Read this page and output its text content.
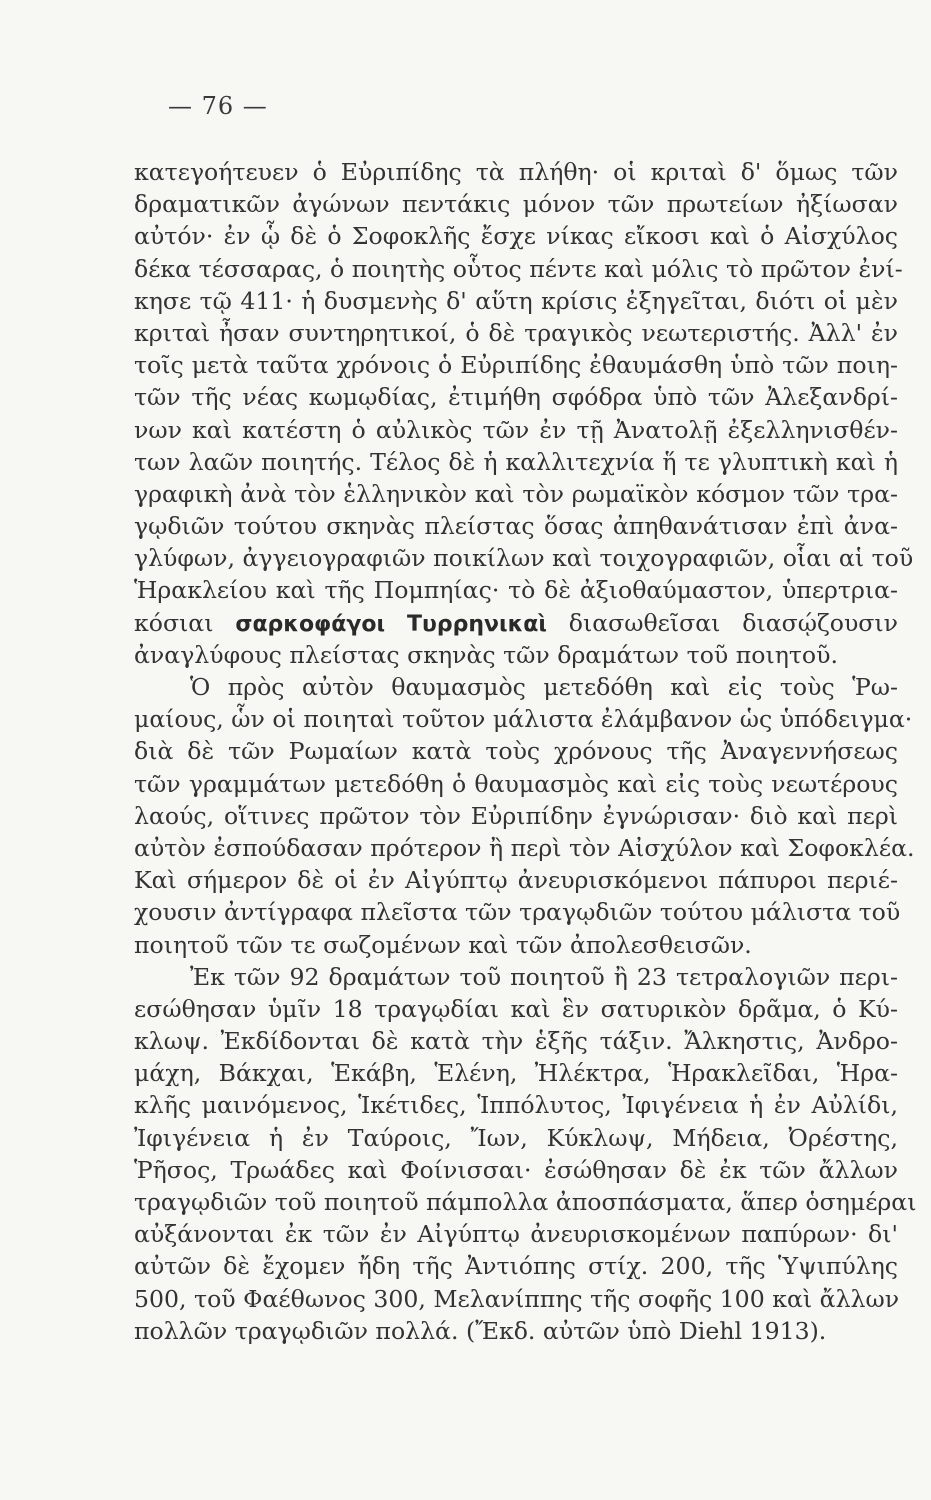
— 76 —
κατεγοήτευεν ὁ Εὐριπίδης τὰ πλήθη· οἱ κριταὶ δ' ὅμως τῶν
δραματικῶν ἀγώνων πεντάκις μόνον τῶν πρωτείων ἠξίωσαν
αὐτόν· ἐν ᾧ δὲ ὁ Σοφοκλῆς ἔσχε νίκας εἴκοσι καὶ ὁ Αἰσχύλος
δέκα τέσσαρας, ὁ ποιητὴς οὗτος πέντε καὶ μόλις τὸ πρῶτον ἐνί-
κησε τῷ 411· ἡ δυσμενὴς δ' αὕτη κρίσις ἐξηγεῖται, διότι οἱ μὲν
κριταὶ ἦσαν συντηρητικοί, ὁ δὲ τραγικὸς νεωτεριστής. Ἀλλ' ἐν
τοῖς μετὰ ταῦτα χρόνοις ὁ Εὐριπίδης ἐθαυμάσθη ὑπὸ τῶν ποιη-
τῶν τῆς νέας κωμῳδίας, ἐτιμήθη σφόδρα ὑπὸ τῶν Ἀλεξανδρί-
νων καὶ κατέστη ὁ αὐλικὸς τῶν ἐν τῇ Ἀνατολῇ ἐξελληνισθέν-
των λαῶν ποιητής. Τέλος δὲ ἡ καλλιτεχνία ἥ τε γλυπτικὴ καὶ ἡ
γραφικὴ ἀνὰ τὸν ἑλληνικὸν καὶ τὸν ρωμαϊκὸν κόσμον τῶν τρα-
γῳδιῶν τούτου σκηνὰς πλείστας ὅσας ἀπηθανάτισαν ἐπὶ ἀνα-
γλύφων, ἀγγειογραφιῶν ποικίλων καὶ τοιχογραφιῶν, οἷαι αἱ τοῦ
Ἡρακλείου καὶ τῆς Πομπηίας· τὸ δὲ ἀξιοθαύμαστον, ὑπερτρια-
κόσιαι σαρκοφάγοι Τυρρηνικαὶ διασωθεῖσαι διασῴζουσιν
ἀναγλύφους πλείστας σκηνὰς τῶν δραμάτων τοῦ ποιητοῦ.
Ὁ πρὸς αὐτὸν θαυμασμὸς μετεδόθη καὶ εἰς τοὺς Ῥω-
μαίους, ὧν οἱ ποιηταὶ τοῦτον μάλιστα ἐλάμβανον ὡς ὑπόδειγμα·
διὰ δὲ τῶν Ρωμαίων κατὰ τοὺς χρόνους τῆς Ἀναγεννήσεως
τῶν γραμμάτων μετεδόθη ὁ θαυμασμὸς καὶ εἰς τοὺς νεωτέρους
λαούς, οἵτινες πρῶτον τὸν Εὐριπίδην ἐγνώρισαν· διὸ καὶ περὶ
αὐτὸν ἐσπούδασαν πρότερον ἢ περὶ τὸν Αἰσχύλον καὶ Σοφοκλέα.
Καὶ σήμερον δὲ οἱ ἐν Αἰγύπτῳ ἀνευρισκόμενοι πάπυροι περιέ-
χουσιν ἀντίγραφα πλεῖστα τῶν τραγῳδιῶν τούτου μάλιστα τοῦ
ποιητοῦ τῶν τε σωζομένων καὶ τῶν ἀπολεσθεισῶν.
Ἐκ τῶν 92 δραμάτων τοῦ ποιητοῦ ἢ 23 τετραλογιῶν περι-
εσώθησαν ὑμῖν 18 τραγῳδίαι καὶ ἓν σατυρικὸν δρᾶμα, ὁ Κύ-
κλωψ. Ἐκδίδονται δὲ κατὰ τὴν ἑξῆς τάξιν. Ἄλκηστις, Ἀνδρο-
μάχη, Βάκχαι, Ἑκάβη, Ἑλένη, Ἠλέκτρα, Ἡρακλεῖδαι, Ἡρα-
κλῆς μαινόμενος, Ἱκέτιδες, Ἱππόλυτος, Ἰφιγένεια ἡ ἐν Αὐλίδι,
Ἰφιγένεια ἡ ἐν Ταύροις, Ἴων, Κύκλωψ, Μήδεια, Ὀρέστης,
Ῥῆσος, Τρωάδες καὶ Φοίνισσαι· ἐσώθησαν δὲ ἐκ τῶν ἄλλων
τραγῳδιῶν τοῦ ποιητοῦ πάμπολλα ἀποσπάσματα, ἅπερ ὁσημέραι
αὐξάνονται ἐκ τῶν ἐν Αἰγύπτῳ ἀνευρισκομένων παπύρων· δι'
αὐτῶν δὲ ἔχομεν ἤδη τῆς Ἀντιόπης στίχ. 200, τῆς Ὑψιπύλης
500, τοῦ Φαέθωνος 300, Μελανίππης τῆς σοφῆς 100 καὶ ἄλλων
πολλῶν τραγῳδιῶν πολλά. (Ἔκδ. αὐτῶν ὑπὸ Diehl 1913).
